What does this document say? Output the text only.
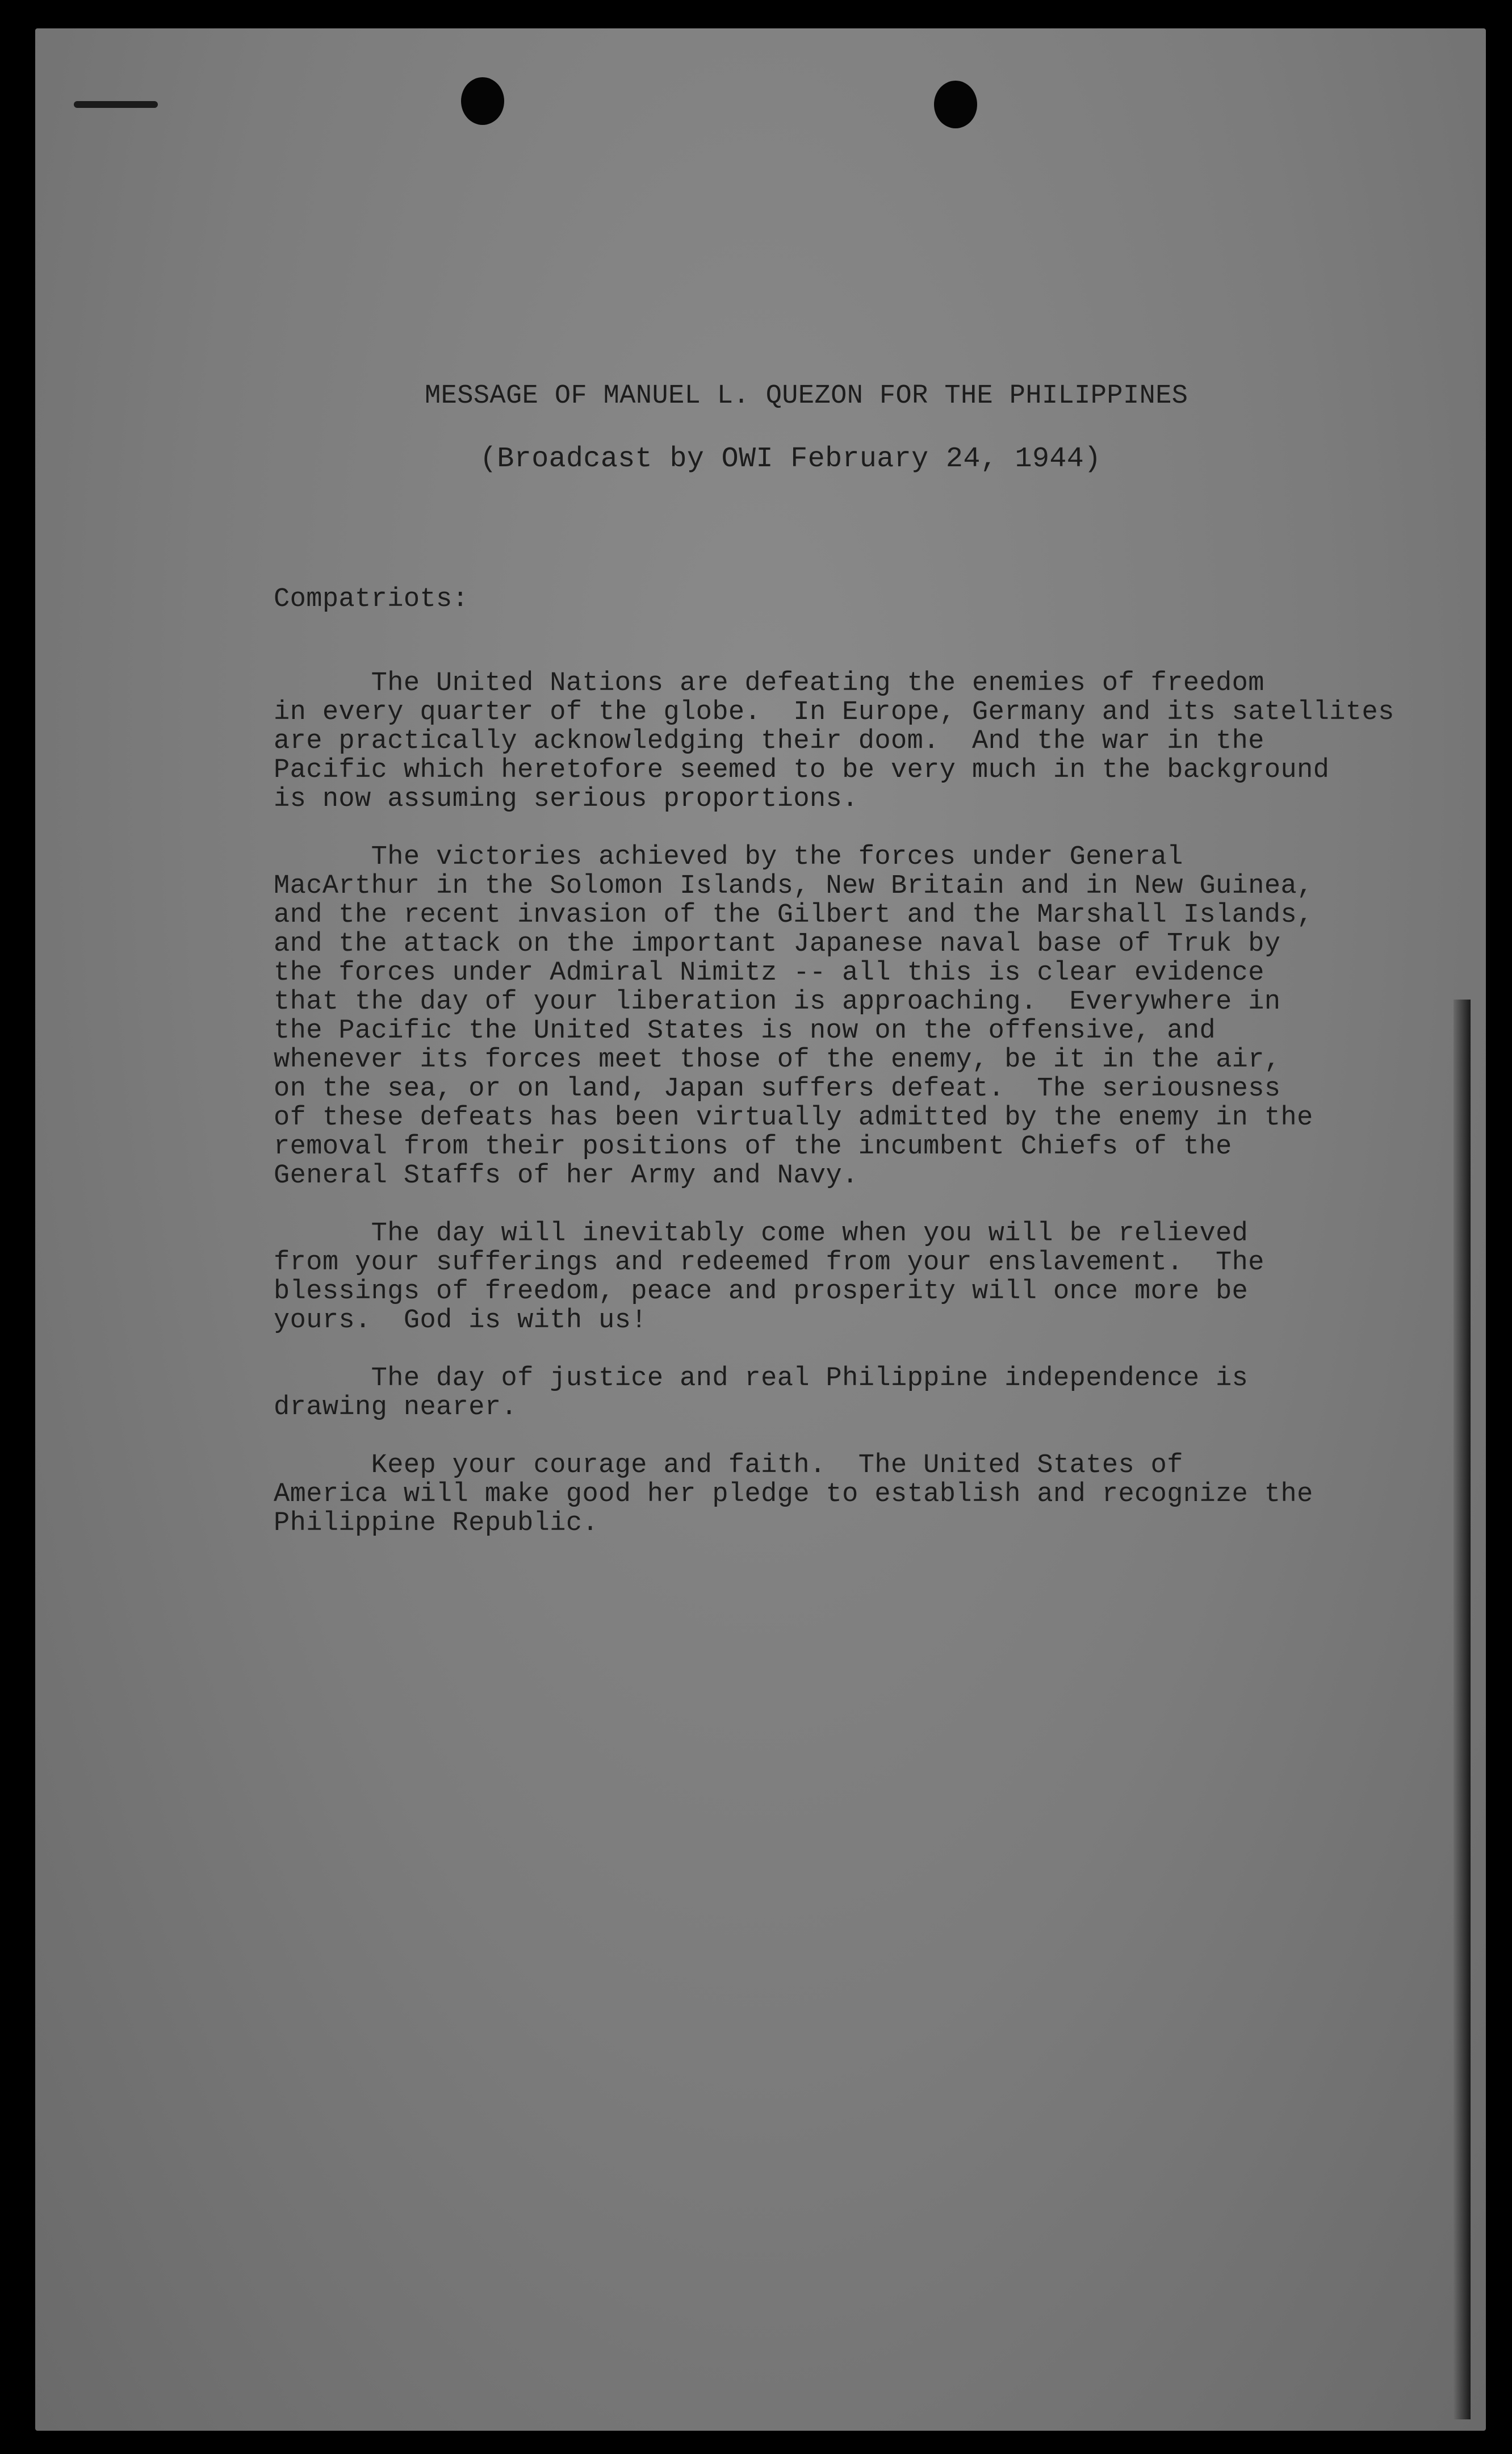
MESSAGE OF MANUEL L. QUEZON FOR THE PHILIPPINES
(Broadcast by OWI February 24, 1944)
Compatriots:
The United Nations are defeating the enemies of freedom
in every quarter of the globe.  In Europe, Germany and its satellites
are practically acknowledging their doom.  And the war in the
Pacific which heretofore seemed to be very much in the background
is now assuming serious proportions.
The victories achieved by the forces under General
MacArthur in the Solomon Islands, New Britain and in New Guinea,
and the recent invasion of the Gilbert and the Marshall Islands,
and the attack on the important Japanese naval base of Truk by
the forces under Admiral Nimitz -- all this is clear evidence
that the day of your liberation is approaching.  Everywhere in
the Pacific the United States is now on the offensive, and
whenever its forces meet those of the enemy, be it in the air,
on the sea, or on land, Japan suffers defeat.  The seriousness
of these defeats has been virtually admitted by the enemy in the
removal from their positions of the incumbent Chiefs of the
General Staffs of her Army and Navy.
The day will inevitably come when you will be relieved
from your sufferings and redeemed from your enslavement.  The
blessings of freedom, peace and prosperity will once more be
yours.  God is with us!
The day of justice and real Philippine independence is
drawing nearer.
Keep your courage and faith.  The United States of
America will make good her pledge to establish and recognize the
Philippine Republic.
